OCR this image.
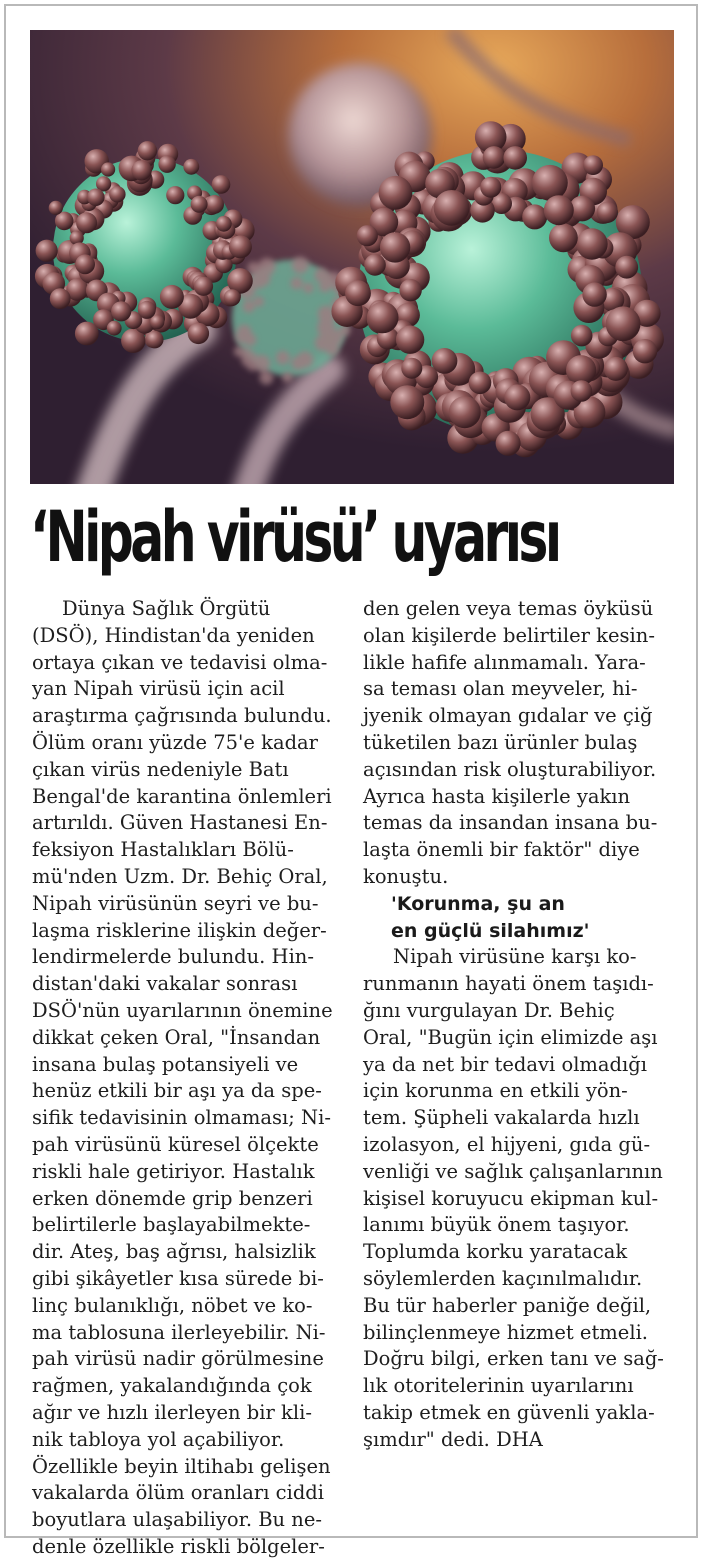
‘Nipah virüsü’ uyarısı
Dünya Sağlık Örgütü
(DSÖ), Hindistan'da yeniden
ortaya çıkan ve tedavisi olma-
yan Nipah virüsü için acil
araştırma çağrısında bulundu.
Ölüm oranı yüzde 75'e kadar
çıkan virüs nedeniyle Batı
Bengal'de karantina önlemleri
artırıldı. Güven Hastanesi En-
feksiyon Hastalıkları Bölü-
mü'nden Uzm. Dr. Behiç Oral,
Nipah virüsünün seyri ve bu-
laşma risklerine ilişkin değer-
lendirmelerde bulundu. Hin-
distan'daki vakalar sonrası
DSÖ'nün uyarılarının önemine
dikkat çeken Oral, "İnsandan
insana bulaş potansiyeli ve
henüz etkili bir aşı ya da spe-
sifik tedavisinin olmaması; Ni-
pah virüsünü küresel ölçekte
riskli hale getiriyor. Hastalık
erken dönemde grip benzeri
belirtilerle başlayabilmekte-
dir. Ateş, baş ağrısı, halsizlik
gibi şikâyetler kısa sürede bi-
linç bulanıklığı, nöbet ve ko-
ma tablosuna ilerleyebilir. Ni-
pah virüsü nadir görülmesine
rağmen, yakalandığında çok
ağır ve hızlı ilerleyen bir kli-
nik tabloya yol açabiliyor.
Özellikle beyin iltihabı gelişen
vakalarda ölüm oranları ciddi
boyutlara ulaşabiliyor. Bu ne-
denle özellikle riskli bölgeler-
den gelen veya temas öyküsü
olan kişilerde belirtiler kesin-
likle hafife alınmamalı. Yara-
sa teması olan meyveler, hi-
jyenik olmayan gıdalar ve çiğ
tüketilen bazı ürünler bulaş
açısından risk oluşturabiliyor.
Ayrıca hasta kişilerle yakın
temas da insandan insana bu-
laşta önemli bir faktör" diye
konuştu.
'Korunma, şu an
en güçlü silahımız'
Nipah virüsüne karşı ko-
runmanın hayati önem taşıdı-
ğını vurgulayan Dr. Behiç
Oral, "Bugün için elimizde aşı
ya da net bir tedavi olmadığı
için korunma en etkili yön-
tem. Şüpheli vakalarda hızlı
izolasyon, el hijyeni, gıda gü-
venliği ve sağlık çalışanlarının
kişisel koruyucu ekipman kul-
lanımı büyük önem taşıyor.
Toplumda korku yaratacak
söylemlerden kaçınılmalıdır.
Bu tür haberler paniğe değil,
bilinçlenmeye hizmet etmeli.
Doğru bilgi, erken tanı ve sağ-
lık otoritelerinin uyarılarını
takip etmek en güvenli yakla-
şımdır" dedi. DHA
